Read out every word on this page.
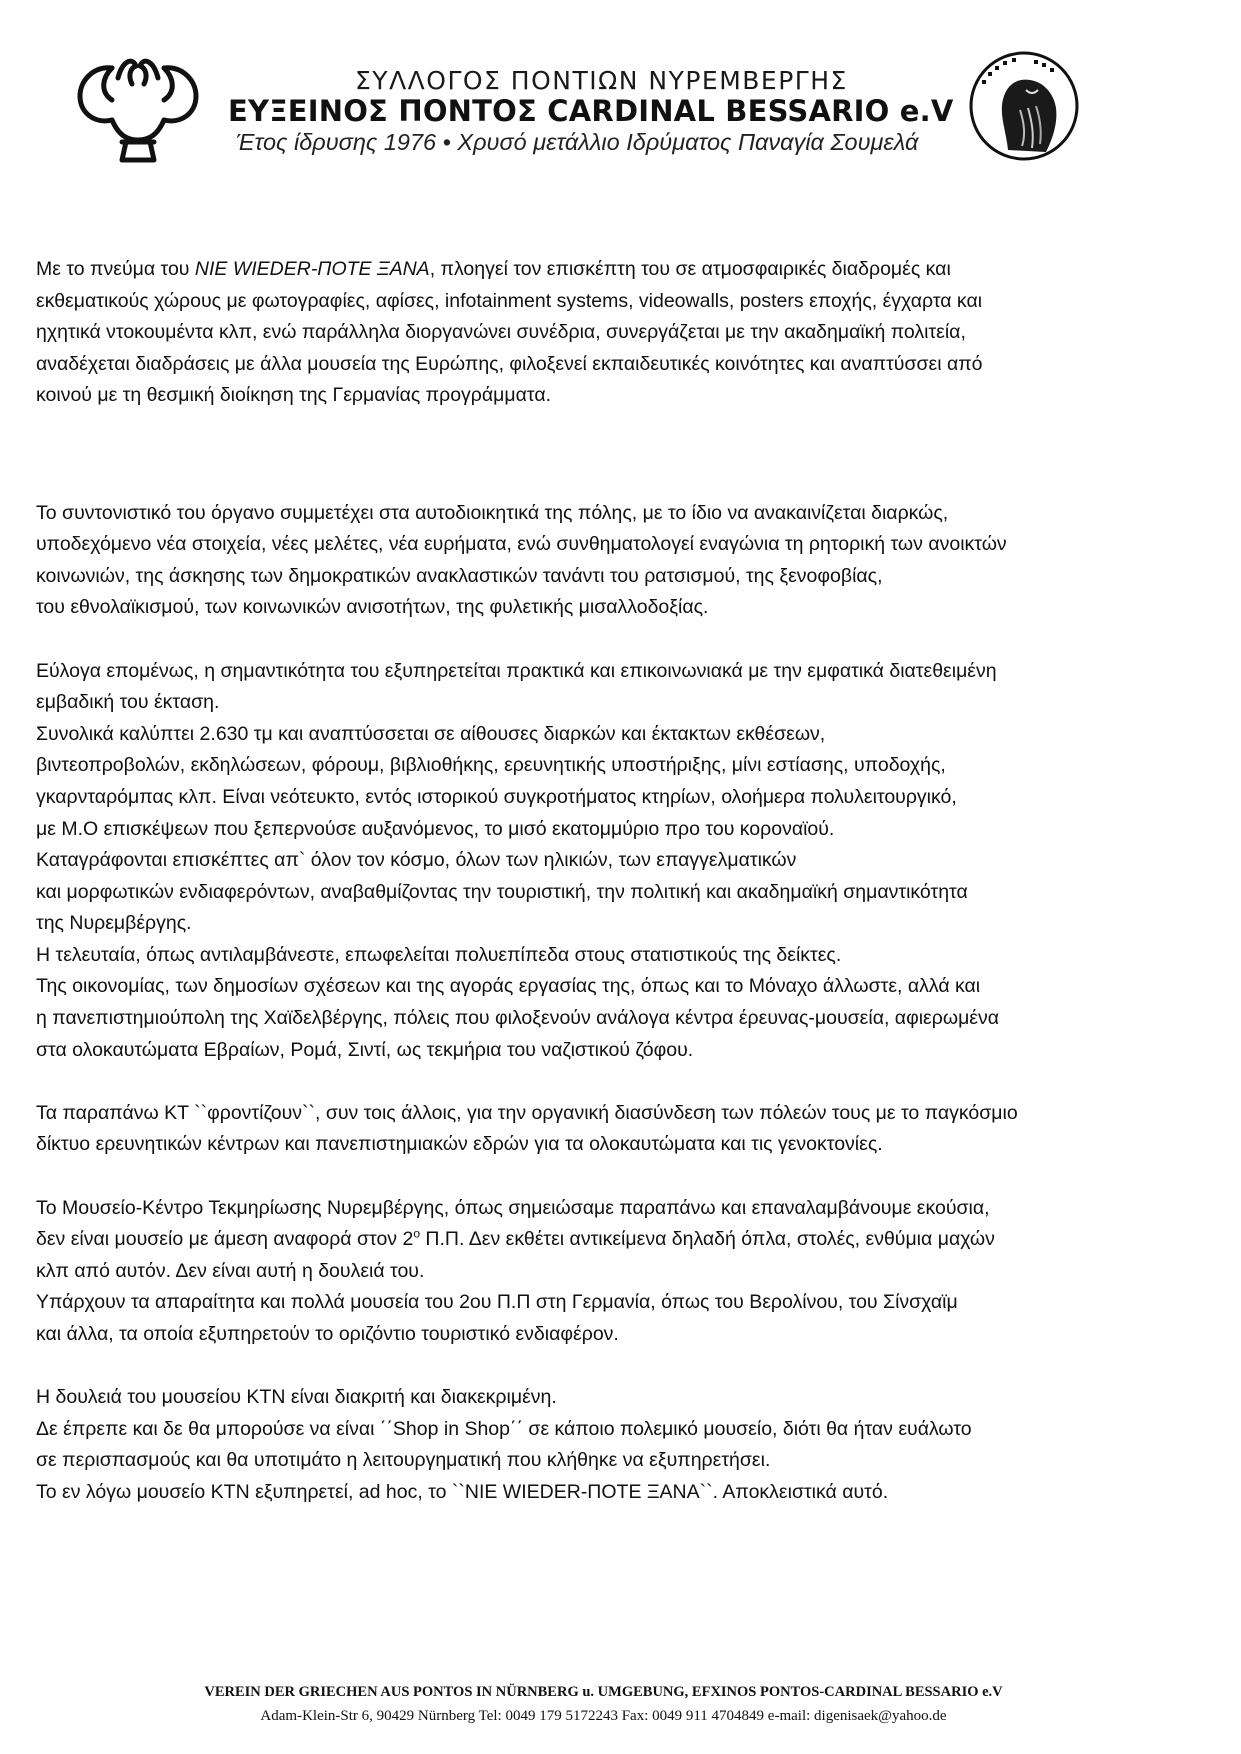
ΣΥΛΛΟΓΟΣ ΠΟΝΤΙΩΝ ΝΥΡΕΜΒΕΡΓΗΣ
ΕΥΞΕΙΝΟΣ ΠΟΝΤΟΣ CARDINAL BESSARIO e.V
Έτος ίδρυσης 1976 • Χρυσό μετάλλιο Ιδρύματος Παναγία Σουμελά
Με το πνεύμα του NIE WIEDER-ΠΟΤΕ ΞΑΝΑ, πλοηγεί τον επισκέπτη του σε ατμοσφαιρικές διαδρομές και
εκθεματικούς χώρους με φωτογραφίες, αφίσες, infotainment systems, videowalls, posters εποχής, έγχαρτα και
ηχητικά ντοκουμέντα κλπ, ενώ παράλληλα διοργανώνει συνέδρια, συνεργάζεται με την ακαδημαϊκή πολιτεία,
αναδέχεται διαδράσεις με άλλα μουσεία της Ευρώπης, φιλοξενεί εκπαιδευτικές κοινότητες και αναπτύσσει από
κοινού με τη θεσμική διοίκηση της Γερμανίας προγράμματα.
Το συντονιστικό του όργανο συμμετέχει στα αυτοδιοικητικά της πόλης, με το ίδιο να ανακαινίζεται διαρκώς,
υποδεχόμενο νέα στοιχεία, νέες μελέτες, νέα ευρήματα, ενώ συνθηματολογεί εναγώνια τη ρητορική των ανοικτών
κοινωνιών, της άσκησης των δημοκρατικών ανακλαστικών τανάντι του ρατσισμού, της ξενοφοβίας,
του εθνολαϊκισμού, των κοινωνικών ανισοτήτων, της φυλετικής μισαλλοδοξίας.
Εύλογα επομένως, η σημαντικότητα του εξυπηρετείται πρακτικά και επικοινωνιακά με την εμφατικά διατεθειμένη
εμβαδική του έκταση.
Συνολικά καλύπτει 2.630 τμ και αναπτύσσεται σε αίθουσες διαρκών και έκτακτων εκθέσεων,
βιντεοπροβολών, εκδηλώσεων, φόρουμ, βιβλιοθήκης, ερευνητικής υποστήριξης, μίνι εστίασης, υποδοχής,
γκαρνταρόμπας κλπ. Είναι νεότευκτο, εντός ιστορικού συγκροτήματος κτηρίων, ολοήμερα πολυλειτουργικό,
με Μ.Ο επισκέψεων που ξεπερνούσε αυξανόμενος, το μισό εκατομμύριο προ του κοροναϊού.
Καταγράφονται επισκέπτες απ` όλον τον κόσμο, όλων των ηλικιών, των επαγγελματικών
και μορφωτικών ενδιαφερόντων, αναβαθμίζοντας την τουριστική, την πολιτική και ακαδημαϊκή σημαντικότητα
της Νυρεμβέργης.
Η τελευταία, όπως αντιλαμβάνεστε, επωφελείται πολυεπίπεδα στους στατιστικούς της δείκτες.
Της οικονομίας, των δημοσίων σχέσεων και της αγοράς εργασίας της, όπως και το Μόναχο άλλωστε, αλλά και
η πανεπιστημιούπολη της Χαϊδελβέργης, πόλεις που φιλοξενούν ανάλογα κέντρα έρευνας-μουσεία, αφιερωμένα
στα ολοκαυτώματα Εβραίων, Ρομά, Σιντί, ως τεκμήρια του ναζιστικού ζόφου.
Τα παραπάνω ΚΤ ``φροντίζουν``, συν τοις άλλοις, για την οργανική διασύνδεση των πόλεών τους με το παγκόσμιο
δίκτυο ερευνητικών κέντρων και πανεπιστημιακών εδρών για τα ολοκαυτώματα και τις γενοκτονίες.
Το Μουσείο-Κέντρο Τεκμηρίωσης Νυρεμβέργης, όπως σημειώσαμε παραπάνω και επαναλαμβάνουμε εκούσια,
δεν είναι μουσείο με άμεση αναφορά στον $2^o$ Π.Π. Δεν εκθέτει αντικείμενα δηλαδή όπλα, στολές, ενθύμια μαχών
κλπ από αυτόν. Δεν είναι αυτή η δουλειά του.
Υπάρχουν τα απαραίτητα και πολλά μουσεία του 2ου Π.Π στη Γερμανία, όπως του Βερολίνου, του Σίνσχαϊμ
και άλλα, τα οποία εξυπηρετούν το οριζόντιο τουριστικό ενδιαφέρον.
Η δουλειά του μουσείου ΚΤΝ είναι διακριτή και διακεκριμένη.
Δε έπρεπε και δε θα μπορούσε να είναι ΄΄Shop in Shop΄΄ σε κάποιο πολεμικό μουσείο, διότι θα ήταν ευάλωτο
σε περισπασμούς και θα υποτιμάτο η λειτουργηματική που κλήθηκε να εξυπηρετήσει.
Το εν λόγω μουσείο ΚΤΝ εξυπηρετεί, ad hoc, το ``NIE WIEDER-ΠΟΤΕ ΞΑΝΑ``. Αποκλειστικά αυτό.
VEREIN DER GRIECHEN AUS PONTOS IN NÜRNBERG u. UMGEBUNG, EFXINOS PONTOS-CARDINAL BESSARIO e.V
Adam-Klein-Str 6, 90429 Nürnberg Tel: 0049 179 5172243 Fax: 0049 911 4704849 e-mail: digenisaek@yahoo.de
